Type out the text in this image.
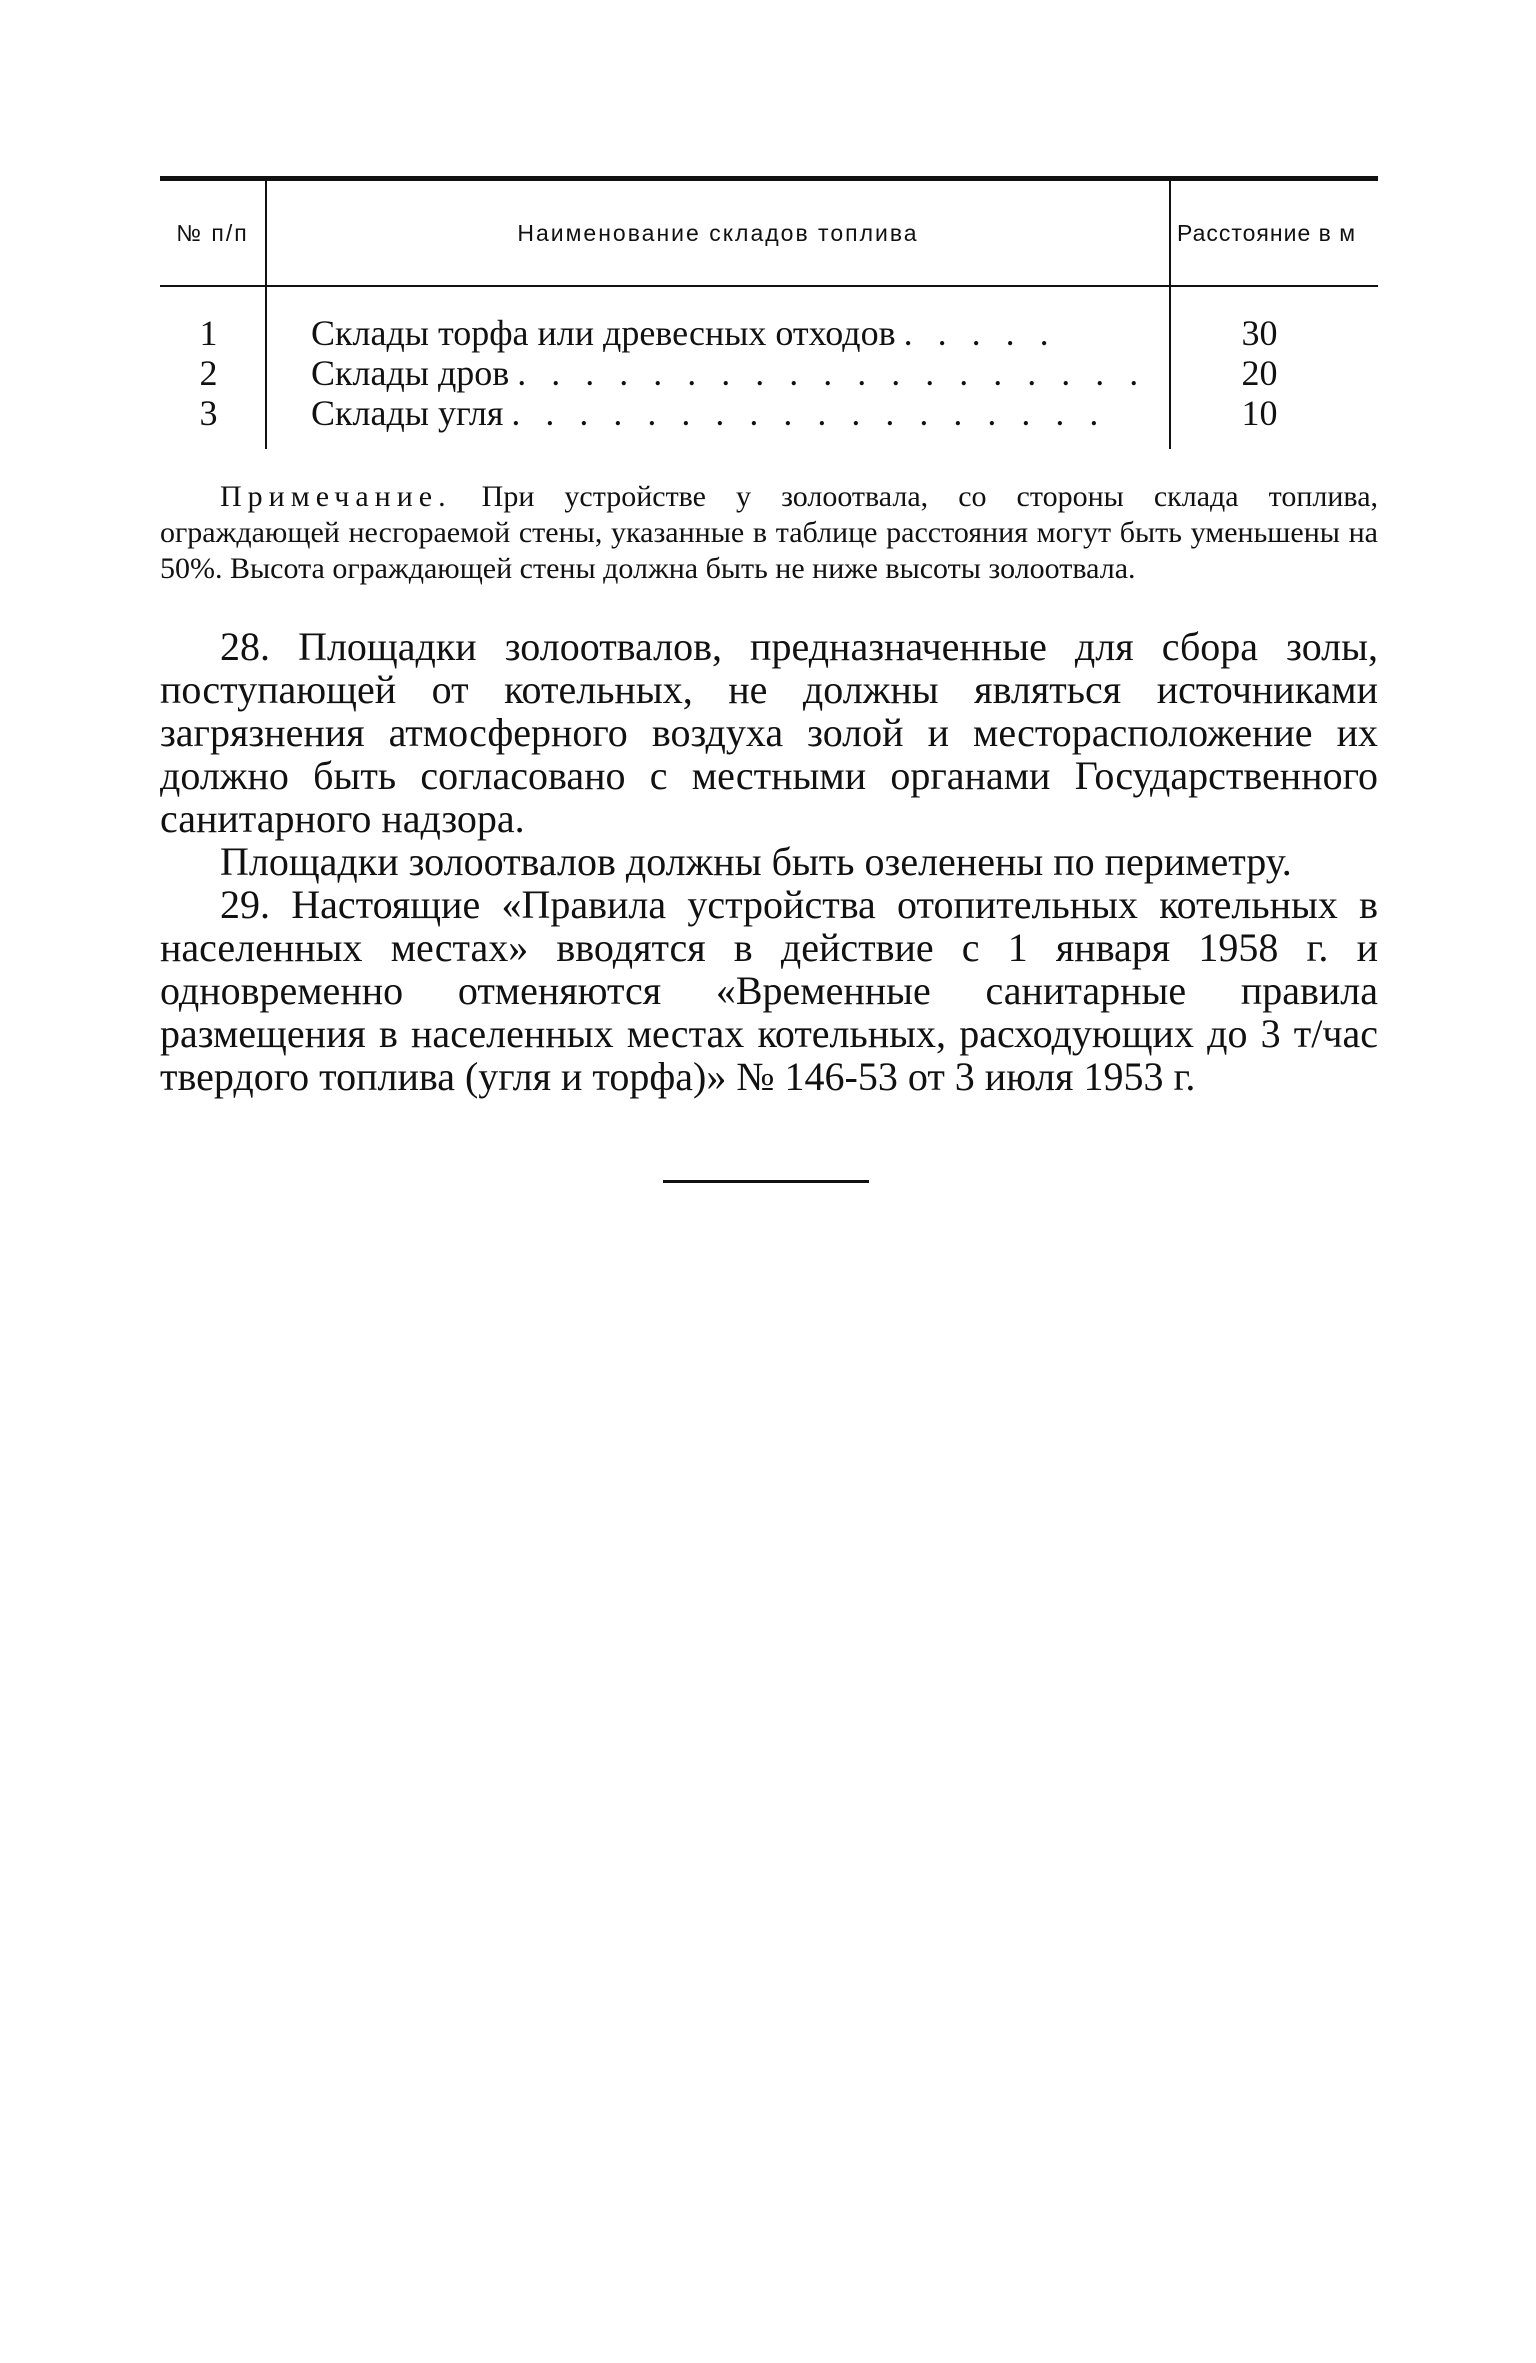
№ п/п	Наименование складов топлива	Расстояние в м
1	Склады торфа или древесных отходов . . . . .	30
2	Склады дров . . . . . . . . . . . . . . . . . . .	20
3	Склады угля . . . . . . . . . . . . . . . . . .	10

Примечание. При устройстве у золоотвала, со стороны склада топлива, ограждающей несгораемой стены, указанные в таблице расстояния могут быть уменьшены на 50%. Высота ограждающей стены должна быть не ниже высоты золоотвала.

28. Площадки золоотвалов, предназначенные для сбора золы, поступающей от котельных, не должны являться источниками загрязнения атмосферного воздуха золой и месторасположение их должно быть согласовано с местными органами Государственного санитарного надзора.

Площадки золоотвалов должны быть озеленены по периметру.

29. Настоящие «Правила устройства отопительных котельных в населенных местах» вводятся в действие с 1 января 1958 г. и одновременно отменяются «Временные санитарные правила размещения в населенных местах котельных, расходующих до 3 т/час твердого топлива (угля и торфа)» № 146-53 от 3 июля 1953 г.
